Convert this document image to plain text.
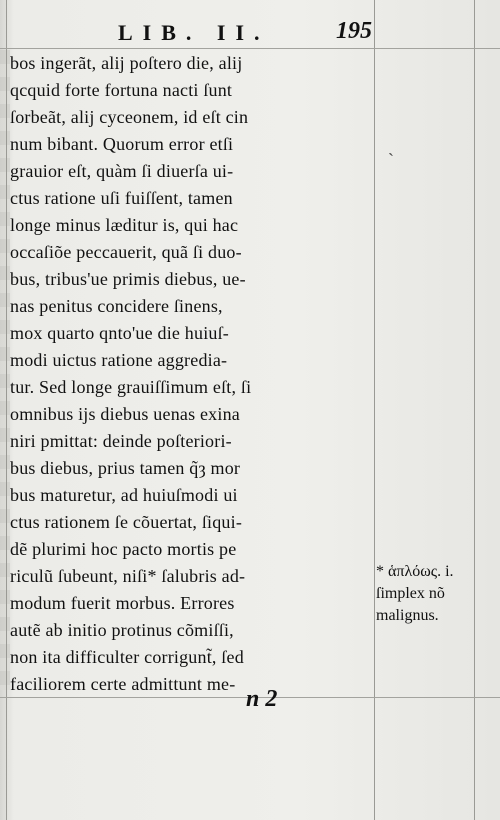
LIB. II.	195
bos ingerãt, alij poſtero die, alij
qcquid forte fortuna nacti ſunt
ſorbeãt, alij cyceonem, id eſt cin
num bibant. Quorum error etſi
grauior eſt, quàm ſi diuerſa ui-
ctus ratione uſi fuiſſent, tamen
longe minus læditur is, qui hac
occaſiõe peccauerit, quã ſi duo-
bus, tribus'ue primis diebus, ue-
nas penitus concidere ſinens,
mox quarto qnto'ue die huiuſ-
modi uictus ratione aggredia-
tur. Sed longe grauiſſimum eſt, ſi
omnibus ijs diebus uenas exina
niri pmittat: deinde poſteriori-
bus diebus, prius tamen q̃ȝ mor
bus maturetur, ad huiuſmodi ui
ctus rationem ſe cõuertat, ſiqui-
dẽ plurimi hoc pacto mortis pe
riculũ ſubeunt, niſi* ſalubris ad-
modum fuerit morbus. Errores
autẽ ab initio protinus cõmiſſi,
non ita difficulter corrigunt̃, ſed
faciliorem certe admittunt me-
ˎ
* ἁπλόως. i.
ſimplex nõ
malignus.
n 2
